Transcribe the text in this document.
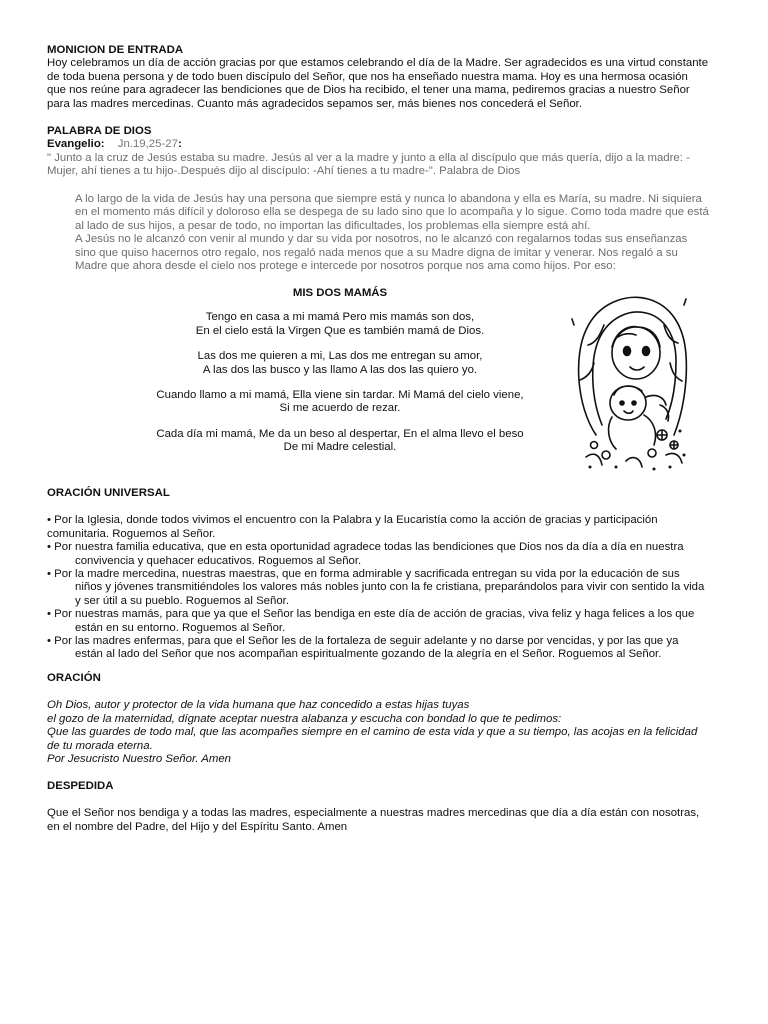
MONICION DE ENTRADA

Hoy celebramos un día de acción gracias por que estamos celebrando el día de la Madre. Ser agradecidos es una virtud constante

de toda buena persona y de todo buen discípulo del Señor, que nos ha enseñado nuestra mama. Hoy es una hermosa ocasión

que nos reúne para agradecer las bendiciones que de Dios ha recibido, el tener una mama, pediremos gracias a nuestro Señor

para las madres mercedinas. Cuanto más agradecidos sepamos ser, más bienes nos concederá el Señor.

PALABRA DE DIOS

Evangelio: Jn.19,25-27:

" Junto a la cruz de Jesús estaba su madre. Jesús al ver a la madre y junto a ella al discípulo que más quería, dijo a la madre: -

Mujer, ahí tienes a tu hijo-.Después dijo al discípulo: -Ahí tienes a tu madre-". Palabra de Dios

A lo largo de la vida de Jesús hay una persona que siempre está y nunca lo abandona y ella es María, su madre. Ni siquiera

en el momento más difícil y doloroso ella se despega de su lado sino que lo acompaña y lo sigue. Como toda madre que está

al lado de sus hijos, a pesar de todo, no importan las dificultades, los problemas ella siempre está ahí.

A Jesús no le alcanzó con venir al mundo y dar su vida por nosotros, no le alcanzó con regalarnos todas sus enseñanzas

sino que quiso hacernos otro regalo, nos regaló nada menos que a su Madre digna de imitar y venerar. Nos regaló a su

Madre que ahora desde el cielo nos protege e intercede por nosotros porque nos ama como hijos. Por eso:

MIS DOS MAMÁS

Tengo en casa a mi mamá Pero mis mamás son dos,

En el cielo está la Virgen Que es también mamá de Dios.

Las dos me quieren a mi, Las dos me entregan su amor,

A las dos las busco y las llamo A las dos las quiero yo.

Cuando llamo a mi mamá, Ella viene sin tardar. Mi Mamá del cielo viene,

Si me acuerdo de rezar.

Cada día mi mamá, Me da un beso al despertar, En el alma llevo el beso

De mi Madre celestial.

ORACIÓN UNIVERSAL

• Por la Iglesia, donde todos vivimos el encuentro con la Palabra y la Eucaristía como la acción de gracias y participación

comunitaria. Roguemos al Señor.

• Por nuestra familia educativa, que en esta oportunidad agradece todas las bendiciones que Dios nos da día a día en nuestra

convivencia y quehacer educativos. Roguemos al Señor.

• Por la madre mercedina, nuestras maestras, que en forma admirable y sacrificada entregan su vida por la educación de sus

niños y jóvenes transmitiéndoles los valores más nobles junto con la fe cristiana, preparándolos para vivir con sentido la vida

y ser útil a su pueblo. Roguemos al Señor.

• Por nuestras mamás, para que ya que el Señor las bendiga en este día de acción de gracias, viva feliz y haga felices a los que

están en su entorno. Roguemos al Señor.

• Por las madres enfermas, para que el Señor les de la fortaleza de seguir adelante y no darse por vencidas, y por las que ya

están al lado del Señor que nos acompañan espiritualmente gozando de la alegría en el Señor. Roguemos al Señor.

ORACIÓN

Oh Dios, autor y protector de la vida humana que haz concedido a estas hijas tuyas

el gozo de la maternidad, dígnate aceptar nuestra alabanza y escucha con bondad lo que te pedimos:

Que las guardes de todo mal, que las acompañes siempre en el camino de esta vida y que a su tiempo, las acojas en la felicidad

de tu morada eterna.

Por Jesucristo Nuestro Señor. Amen

DESPEDIDA

Que el Señor nos bendiga y a todas las madres, especialmente a nuestras madres mercedinas que día a día están con nosotras,

en el nombre del Padre, del Hijo y del Espíritu Santo. Amen
